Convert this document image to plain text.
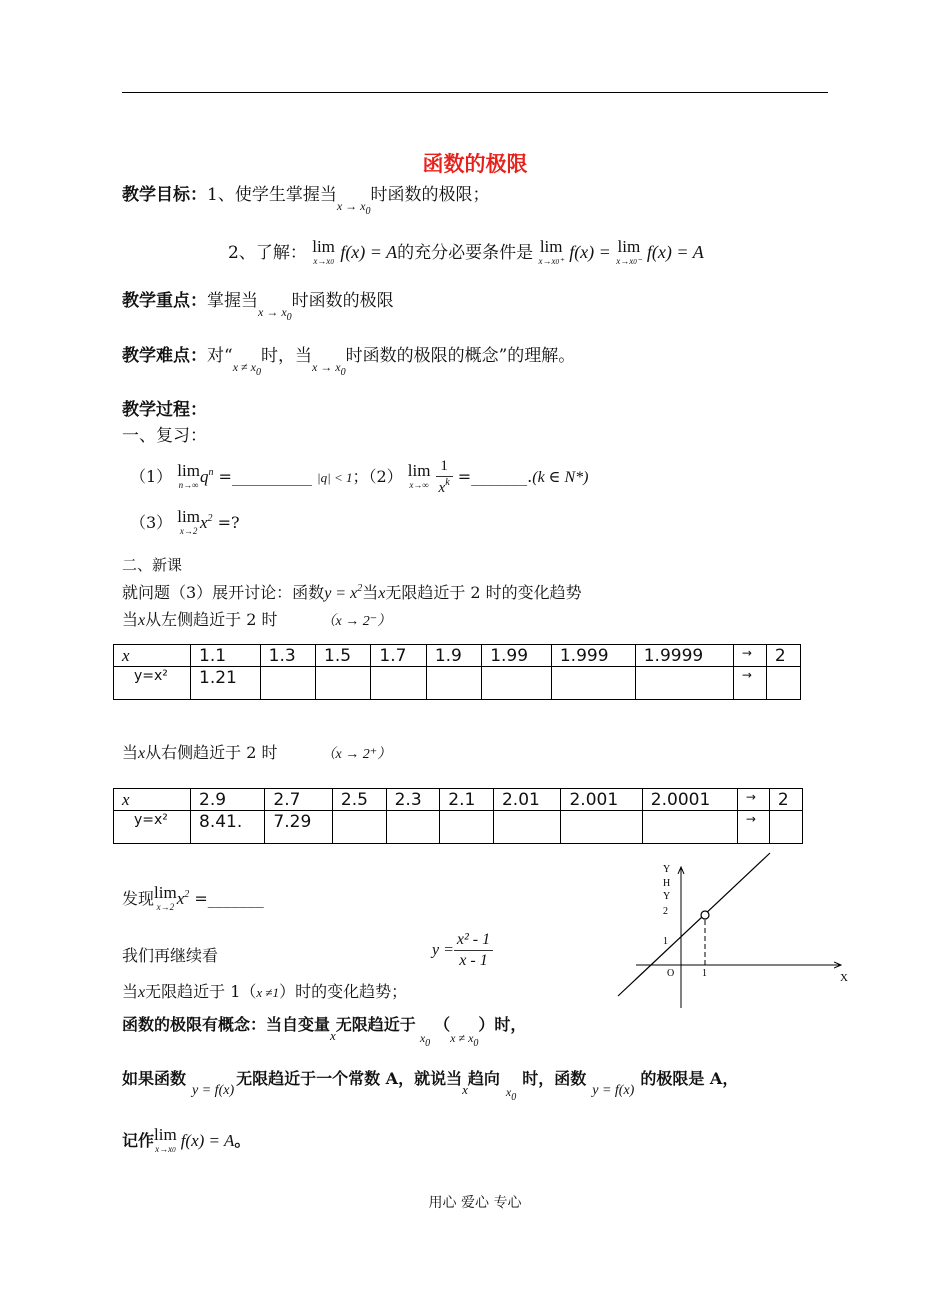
函数的极限
教学目标：1、使学生掌握当$_{x \to x_0}$时函数的极限；
2、了解： lim
x→x0 f(x) = A的充分必要条件是 lim
x→x0⁺ f(x) = lim
x→x0⁻ f(x) = A
教学重点：掌握当$_{x \to x_0}$时函数的极限
教学难点：对“$_{x \ne x_0}$时，当$_{x \to x_0}$时函数的极限的概念”的理解。
教学过程：
一、复习：
（1） lim
n→∞ $q^n$ =__________ |q| < 1；（2） lim
x→∞
$\frac{1}{x^k}$ =_______.(k ∈ N*)
（3） lim
x→2 $x^2$ =?
二、新课
就问题（3）展开讨论：函数$y = x^2$当x无限趋近于 2 时的变化趋势
当x从左侧趋近于 2 时	（x → 2⁻）
x	1.1	1.3	1.5	1.7	1.9	1.99	1.999	1.9999	→	2
y=x²	1.21								→	
当x从右侧趋近于 2 时	（x → 2⁺）
x	2.9	2.7	2.5	2.3	2.1	2.01	2.001	2.0001	→	2
y=x²	8.41.	7.29							→	
发现 lim
x→2 $x^2$ =_______
我们再继续看	$y = \frac{\text{x² - 1}}{x - 1}$
当x无限趋近于 1（x ≠1）时的变化趋势；
函数的极限有概念：当自变量$_x$无限趋近于$_{x_0}(_{x \ne x_0})$时，
如果函数y = f(x)无限趋近于一个常数 A，就说当$_x$趋向$_{x_0}$时，函数y = f(x)的极限是 A，
记作 lim
x→x0 f(x) = A。
Y
H
Y
2
1
O	1	X
用心 爱心 专心
